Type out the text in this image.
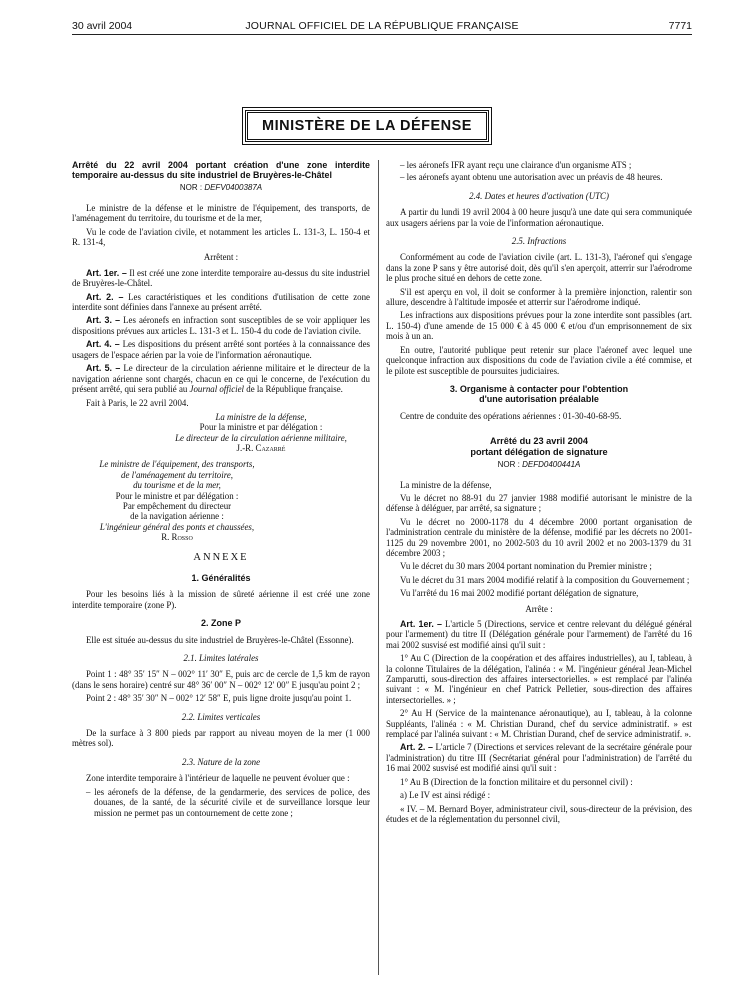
30 avril 2004	JOURNAL OFFICIEL DE LA RÉPUBLIQUE FRANÇAISE	7771
MINISTÈRE DE LA DÉFENSE

Arrêté du 22 avril 2004 portant création d'une zone interdite temporaire au-dessus du site industriel de Bruyères-le-Châtel

NOR : DEFV0400387A

Le ministre de la défense et le ministre de l'équipement, des transports, de l'aménagement du territoire, du tourisme et de la mer,

Vu le code de l'aviation civile, et notamment les articles L. 131-3, L. 150-4 et R. 131-4,

Arrêtent :

Art. 1er. – Il est créé une zone interdite temporaire au-dessus du site industriel de Bruyères-le-Châtel.

Art. 2. – Les caractéristiques et les conditions d'utilisation de cette zone interdite sont définies dans l'annexe au présent arrêté.

Art. 3. – Les aéronefs en infraction sont susceptibles de se voir appliquer les dispositions prévues aux articles L. 131-3 et L. 150-4 du code de l'aviation civile.

Art. 4. – Les dispositions du présent arrêté sont portées à la connaissance des usagers de l'espace aérien par la voie de l'information aéronautique.

Art. 5. – Le directeur de la circulation aérienne militaire et le directeur de la navigation aérienne sont chargés, chacun en ce qui le concerne, de l'exécution du présent arrêté, qui sera publié au Journal officiel de la République française.

Fait à Paris, le 22 avril 2004.

La ministre de la défense,

Pour la ministre et par délégation :

Le directeur de la circulation aérienne militaire,

J.-R. Cazarré

Le ministre de l'équipement, des transports,

de l'aménagement du territoire,

du tourisme et de la mer,

Pour le ministre et par délégation :

Par empêchement du directeur

de la navigation aérienne :

L'ingénieur général des ponts et chaussées,

R. Rosso

ANNEXE

1. Généralités

Pour les besoins liés à la mission de sûreté aérienne il est créé une zone interdite temporaire (zone P).

2. Zone P

Elle est située au-dessus du site industriel de Bruyères-le-Châtel (Essonne).

2.1. Limites latérales

Point 1 : 48° 35′ 15″ N – 002° 11′ 30″ E, puis arc de cercle de 1,5 km de rayon (dans le sens horaire) centré sur 48° 36′ 00″ N – 002° 12′ 00″ E jusqu'au point 2 ;

Point 2 : 48° 35′ 30″ N – 002° 12′ 58″ E, puis ligne droite jusqu'au point 1.

2.2. Limites verticales

De la surface à 3 800 pieds par rapport au niveau moyen de la mer (1 000 mètres sol).

2.3. Nature de la zone

Zone interdite temporaire à l'intérieur de laquelle ne peuvent évoluer que :

– les aéronefs de la défense, de la gendarmerie, des services de police, des douanes, de la santé, de la sécurité civile et de surveillance lorsque leur mission ne permet pas un contournement de cette zone ;

– les aéronefs IFR ayant reçu une clairance d'un organisme ATS ;

– les aéronefs ayant obtenu une autorisation avec un préavis de 48 heures.

2.4. Dates et heures d'activation (UTC)

A partir du lundi 19 avril 2004 à 00 heure jusqu'à une date qui sera communiquée aux usagers aériens par la voie de l'information aéronautique.

2.5. Infractions

Conformément au code de l'aviation civile (art. L. 131-3), l'aéronef qui s'engage dans la zone P sans y être autorisé doit, dès qu'il s'en aperçoit, atterrir sur l'aérodrome le plus proche situé en dehors de cette zone.

S'il est aperçu en vol, il doit se conformer à la première injonction, ralentir son allure, descendre à l'altitude imposée et atterrir sur l'aérodrome indiqué.

Les infractions aux dispositions prévues pour la zone interdite sont passibles (art. L. 150-4) d'une amende de 15 000 € à 45 000 € et/ou d'un emprisonnement de six mois à un an.

En outre, l'autorité publique peut retenir sur place l'aéronef avec lequel une quelconque infraction aux dispositions du code de l'aviation civile a été commise, et le pilote est susceptible de poursuites judiciaires.

3. Organisme à contacter pour l'obtention

d'une autorisation préalable

Centre de conduite des opérations aériennes : 01-30-40-68-95.

Arrêté du 23 avril 2004

portant délégation de signature

NOR : DEFD0400441A

La ministre de la défense,

Vu le décret no 88-91 du 27 janvier 1988 modifié autorisant le ministre de la défense à déléguer, par arrêté, sa signature ;

Vu le décret no 2000-1178 du 4 décembre 2000 portant organisation de l'administration centrale du ministère de la défense, modifié par les décrets no 2001-1125 du 29 novembre 2001, no 2002-503 du 10 avril 2002 et no 2003-1379 du 31 décembre 2003 ;

Vu le décret du 30 mars 2004 portant nomination du Premier ministre ;

Vu le décret du 31 mars 2004 modifié relatif à la composition du Gouvernement ;

Vu l'arrêté du 16 mai 2002 modifié portant délégation de signature,

Arrête :

Art. 1er. – L'article 5 (Directions, service et centre relevant du délégué général pour l'armement) du titre II (Délégation générale pour l'armement) de l'arrêté du 16 mai 2002 susvisé est modifié ainsi qu'il suit :

1° Au C (Direction de la coopération et des affaires industrielles), au I, tableau, à la colonne Titulaires de la délégation, l'alinéa : « M. l'ingénieur général Jean-Michel Zamparutti, sous-direction des affaires intersectorielles. » est remplacé par l'alinéa suivant : « M. l'ingénieur en chef Patrick Pelletier, sous-direction des affaires intersectorielles. » ;

2° Au H (Service de la maintenance aéronautique), au I, tableau, à la colonne Suppléants, l'alinéa : « M. Christian Durand, chef du service administratif. » est remplacé par l'alinéa suivant : « M. Christian Durand, chef de service administratif. ».

Art. 2. – L'article 7 (Directions et services relevant de la secrétaire générale pour l'administration) du titre III (Secrétariat général pour l'administration) de l'arrêté du 16 mai 2002 susvisé est modifié ainsi qu'il suit :

1° Au B (Direction de la fonction militaire et du personnel civil) :

a) Le IV est ainsi rédigé :

« IV. – M. Bernard Boyer, administrateur civil, sous-directeur de la prévision, des études et de la réglementation du personnel civil,
